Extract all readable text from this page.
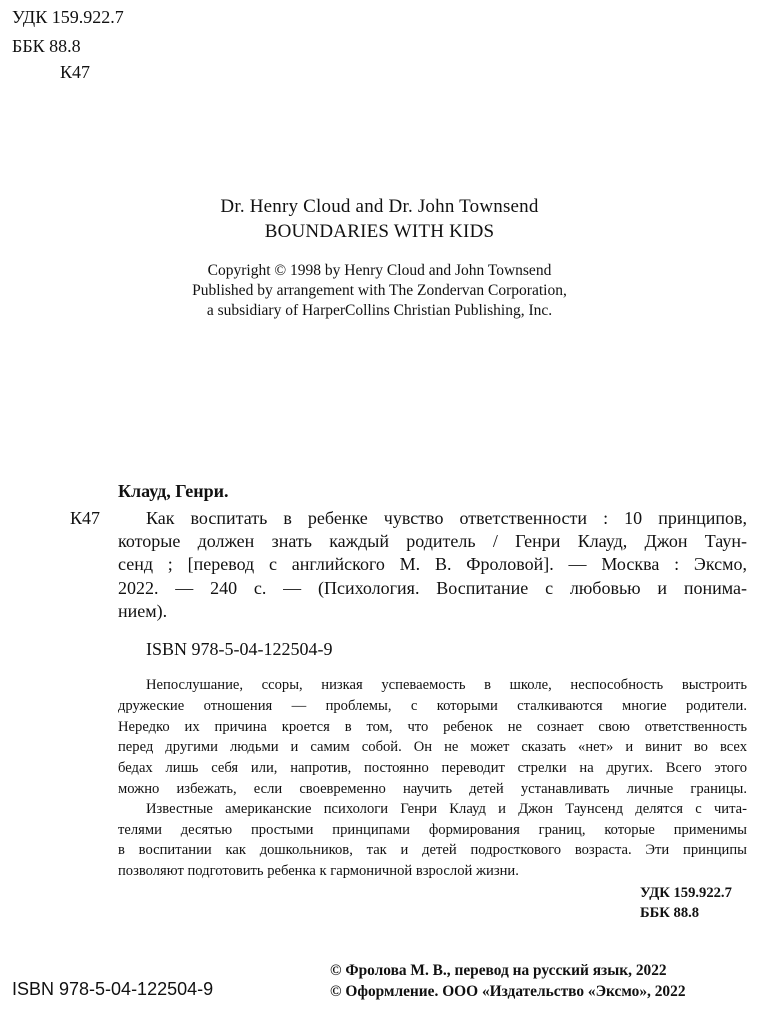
УДК 159.922.7
ББК 88.8
К47
Dr. Henry Cloud and Dr. John Townsend
BOUNDARIES WITH KIDS
Copyright © 1998 by Henry Cloud and John Townsend
Published by arrangement with The Zondervan Corporation,
a subsidiary of HarperCollins Christian Publishing, Inc.
Клауд, Генри.
К47	Как воспитать в ребенке чувство ответственности : 10 принципов,
которые должен знать каждый родитель / Генри Клауд, Джон Таун-
сенд ; [перевод с английского М. В. Фроловой]. — Москва : Эксмо,
2022. — 240 с. — (Психология. Воспитание с любовью и понима-
нием).
ISBN 978-5-04-122504-9
Непослушание, ссоры, низкая успеваемость в школе, неспособность выстроить
дружеские отношения — проблемы, с которыми сталкиваются многие родители.
Нередко их причина кроется в том, что ребенок не сознает свою ответственность
перед другими людьми и самим собой. Он не может сказать «нет» и винит во всех
бедах лишь себя или, напротив, постоянно переводит стрелки на других. Всего этого
можно избежать, если своевременно научить детей устанавливать личные границы.
Известные американские психологи Генри Клауд и Джон Таунсенд делятся с чита-
телями десятью простыми принципами формирования границ, которые применимы
в воспитании как дошкольников, так и детей подросткового возраста. Эти принципы
позволяют подготовить ребенка к гармоничной взрослой жизни.
УДК 159.922.7
ББК 88.8
ISBN 978-5-04-122504-9
© Фролова М. В., перевод на русский язык, 2022
© Оформление. ООО «Издательство «Эксмо», 2022
